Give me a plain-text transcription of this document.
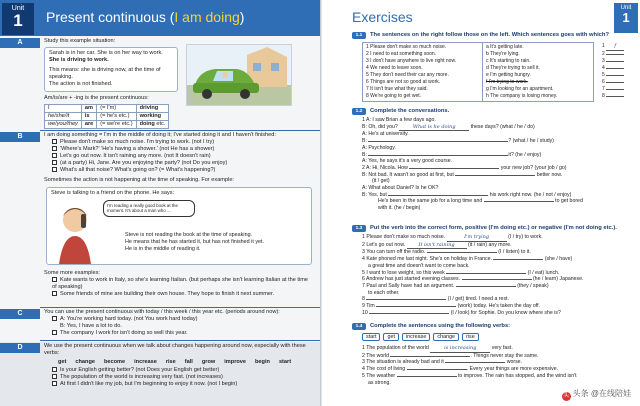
Unit
1	Present continuous (I am doing)
A	Study this example situation:
Sarah is in her car. She is on her way to work.
She is driving to work.
This means: she is driving now, at the time of speaking.
The action is not finished.
Am/is/are + -ing is the present continuous:
I	am	(= I'm)	driving
he/she/it	is	(= he's etc.)	working
we/you/they	are	(= we're etc.)	doing etc.
B	I am doing something = I'm in the middle of doing it; I've started doing it and I haven't finished:
Please don't make so much noise. I'm trying to work. (not I try)
'Where's Mark?' 'He's having a shower.' (not He has a shower)
Let's go out now. It isn't raining any more. (not It doesn't rain)
(at a party) Hi, Jane. Are you enjoying the party? (not Do you enjoy)
What's all that noise? What's going on? (= What's happening?)
Sometimes the action is not happening at the time of speaking. For example:
Steve is talking to a friend on the phone. He says:
I'm reading a really good book at the moment. It's about a man who ...
Steve is not reading the book at the time of speaking.
He means that he has started it, but has not finished it yet.
He is in the middle of reading it.
Some more examples:
Kate wants to work in Italy, so she's learning Italian. (but perhaps she isn't learning Italian at the time of speaking)
Some friends of mine are building their own house. They hope to finish it next summer.
C	You can use the present continuous with today / this week / this year etc. (periods around now):
A: You're working hard today. (not You work hard today)
B: Yes, I have a lot to do.
The company I work for isn't doing so well this year.
D	We use the present continuous when we talk about changes happening around now, especially with these verbs:
get change become increase rise fall grow improve begin start
Is your English getting better? (not Does your English get better)
The population of the world is increasing very fast. (not increases)
At first I didn't like my job, but I'm beginning to enjoy it now. (not I begin)
Exercises
Unit
1
1.1	The sentences on the right follow those on the left. Which sentences goes with which?
1 Please don't make so much noise.
2 I need to eat something soon.
3 I don't have anywhere to live right now.
4 We need to leave soon.
5 They don't need their car any more.
6 Things are not so good at work.
7 It isn't true what they said.
8 We're going to get wet.
a It's getting late.
b They're lying.
c It's starting to rain.
d They're trying to sell it.
e I'm getting hungry.
f I'm trying to work.
g I'm looking for an apartment.
h The company is losing money.
1 f
2
3
4
5
6
7
8
1.2	Complete the conversations.
1 A: I saw Brian a few days ago.
B: Oh, did you?	What is he doing	these days? (what / he / do)
A: He's at university.
B:	? (what / he / study)
A: Psychology.
B:	it? (he / enjoy)
A: Yes, he says it's a very good course.
2 A: Hi, Nicola. How	your new job? (your job / go)
B: Not bad. It wasn't so good at first, but	better now.
(it / get)
A: What about Daniel? Is he OK?
B: Yes, but	his work right now. (he / not / enjoy)
He's been in the same job for a long time and	to get bored
with it. (he / begin)
1.3	Put the verb into the correct form, positive (I'm doing etc.) or negative (I'm not doing etc.).
1 Please don't make so much noise.	I'm trying	(I / try) to work.
2 Let's go out now.	It isn't raining	(it / rain) any more.
3 You can turn off the radio.	(I / listen) to it.
4 Kate phoned me last night. She's on holiday in France.	(she / have)
a great time and doesn't want to come back.
5 I want to lose weight, so this week	(I / eat) lunch.
6 Andrew has just started evening classes.	(he / learn) Japanese.
7 Paul and Sally have had an argument.	(they / speak)
to each other.
8	(I / get) tired. I need a rest.
9 Tim	(work) today. He's taken the day off.
10	(I / look) for Sophie. Do you know where she is?
1.4	Complete the sentences using the following verbs:
start	get	increase	change	rise
1 The population of the world	is increasing	very fast.
2 The world	. Things never stay the same.
3 The situation is already bad and it	worse.
4 The cost of living	. Every year things are more expensive.
5 The weather	to improve. The rain has stopped, and the wind isn't
as strong.
头 头条 @在线陪娃
